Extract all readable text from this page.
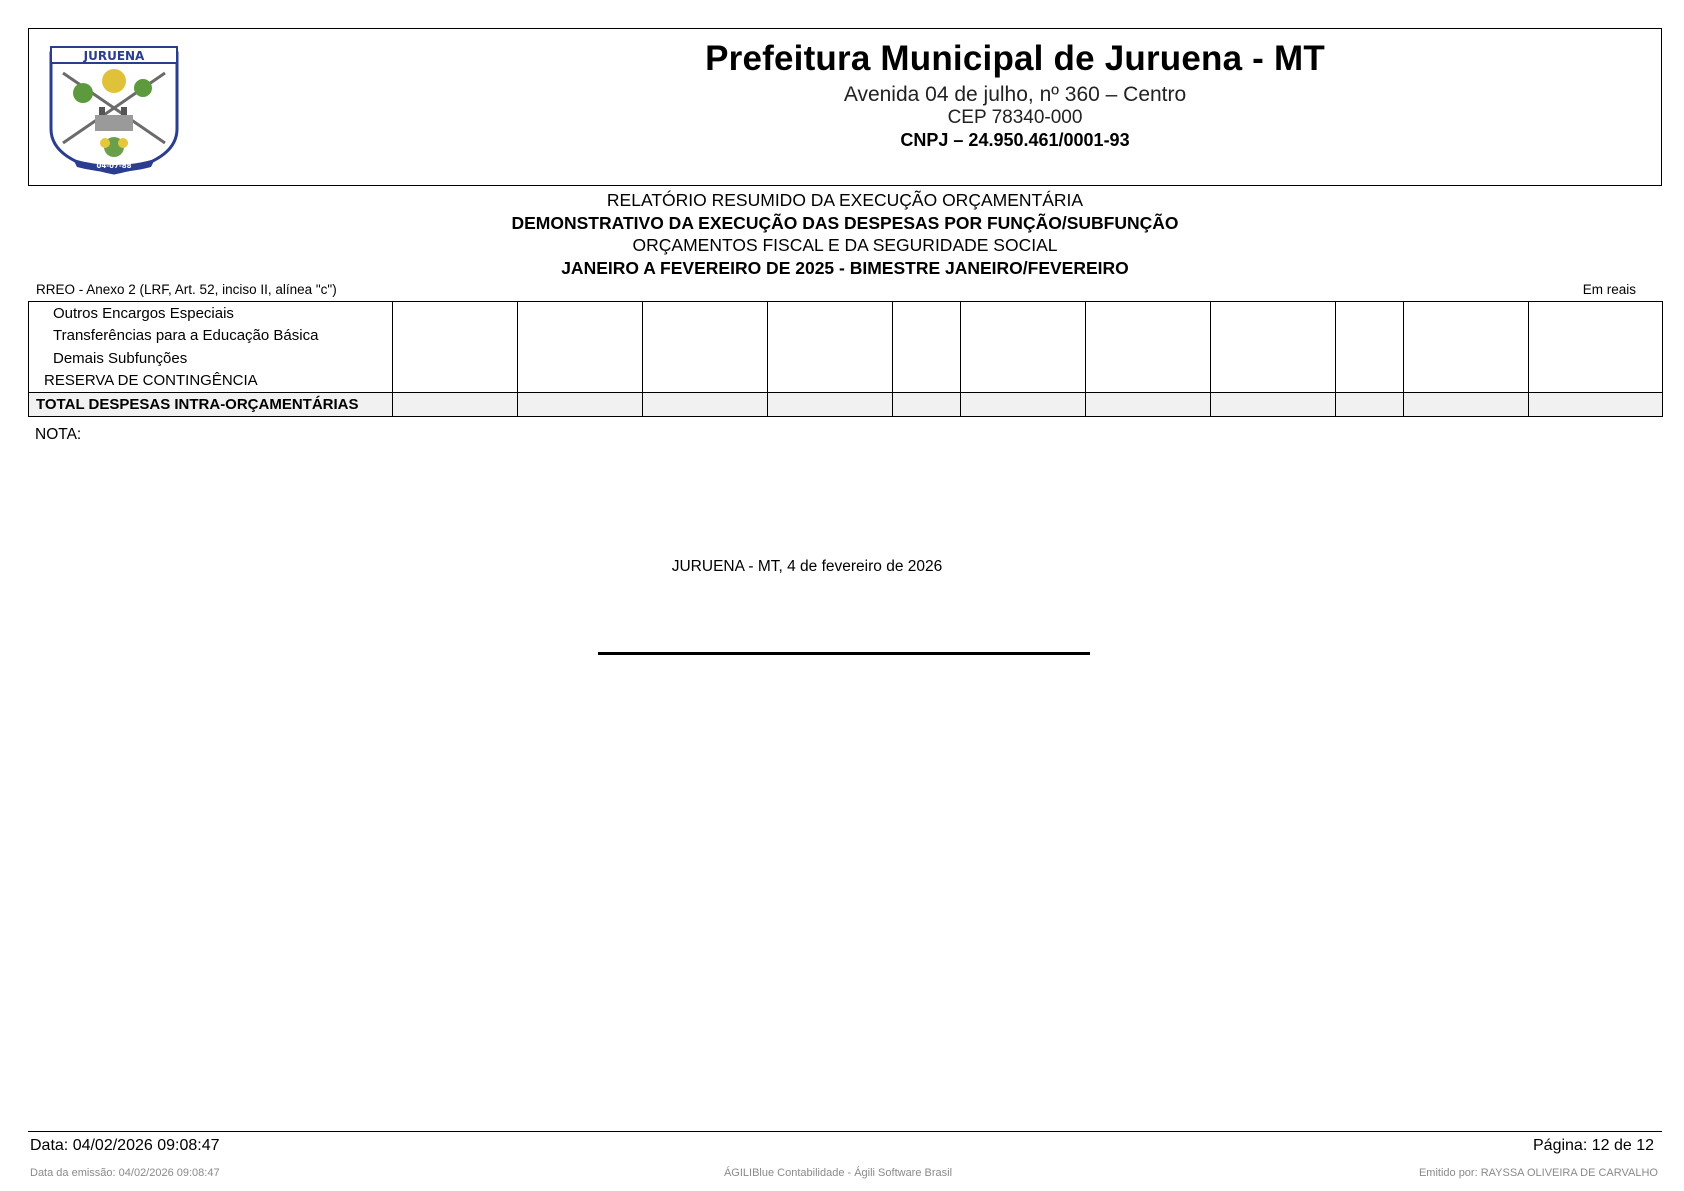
JURUENA
04-07-88
Prefeitura Municipal de Juruena - MT
Avenida 04 de julho, nº 360 – Centro
CEP 78340-000
CNPJ – 24.950.461/0001-93
RELATÓRIO RESUMIDO DA EXECUÇÃO ORÇAMENTÁRIA
DEMONSTRATIVO DA EXECUÇÃO DAS DESPESAS POR FUNÇÃO/SUBFUNÇÃO
ORÇAMENTOS FISCAL E DA SEGURIDADE SOCIAL
JANEIRO A FEVEREIRO DE 2025 - BIMESTRE JANEIRO/FEVEREIRO
RREO - Anexo 2 (LRF, Art. 52, inciso II, alínea "c")	Em reais
Outros Encargos Especiais											
Transferências para a Educação Básica											
Demais Subfunções											
RESERVA DE CONTINGÊNCIA											
TOTAL DESPESAS INTRA-ORÇAMENTÁRIAS											
NOTA:
JURUENA - MT, 4 de fevereiro de 2026
Data: 04/02/2026 09:08:47	Página: 12 de 12
Data da emissão: 04/02/2026 09:08:47	ÁGILIBlue Contabilidade - Ágili Software Brasil	Emitido por: RAYSSA OLIVEIRA DE CARVALHO
